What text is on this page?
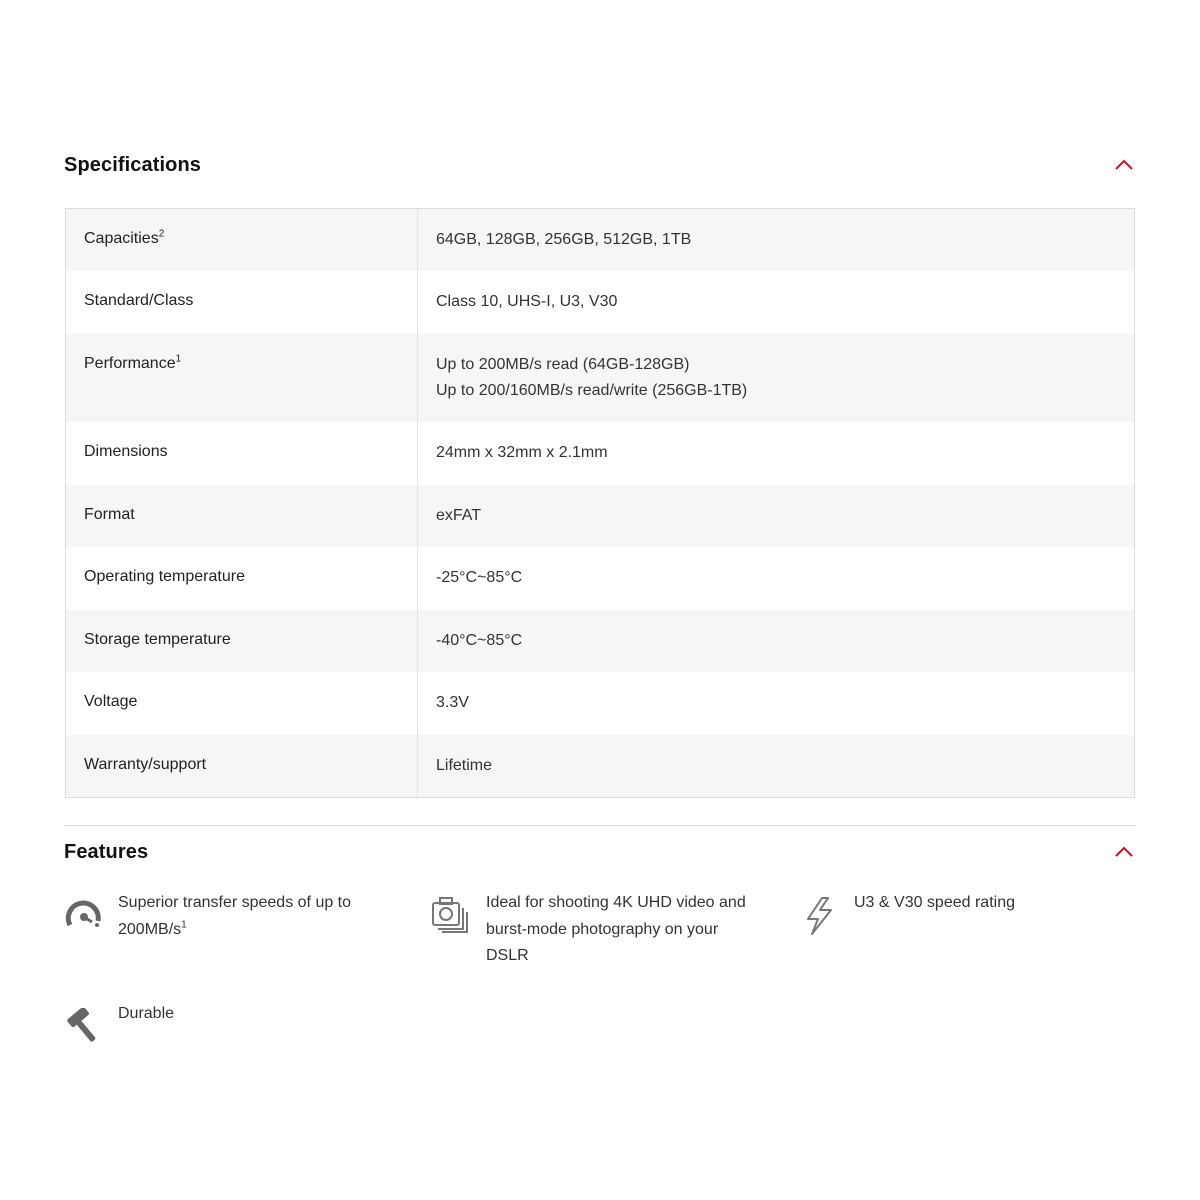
Specifications
Capacities$^2$	64GB, 128GB, 256GB, 512GB, 1TB
Standard/Class	Class 10, UHS-I, U3, V30
Performance$^1$	Up to 200MB/s read (64GB-128GB)
Up to 200/160MB/s read/write (256GB-1TB)
Dimensions	24mm x 32mm x 2.1mm
Format	exFAT
Operating temperature	-25°C~85°C
Storage temperature	-40°C~85°C
Voltage	3.3V
Warranty/support	Lifetime
Features
Superior transfer speeds of up to
$200MB/s^1$
Ideal for shooting 4K UHD video and
burst-mode photography on your
DSLR
U3 & V30 speed rating
Durable
